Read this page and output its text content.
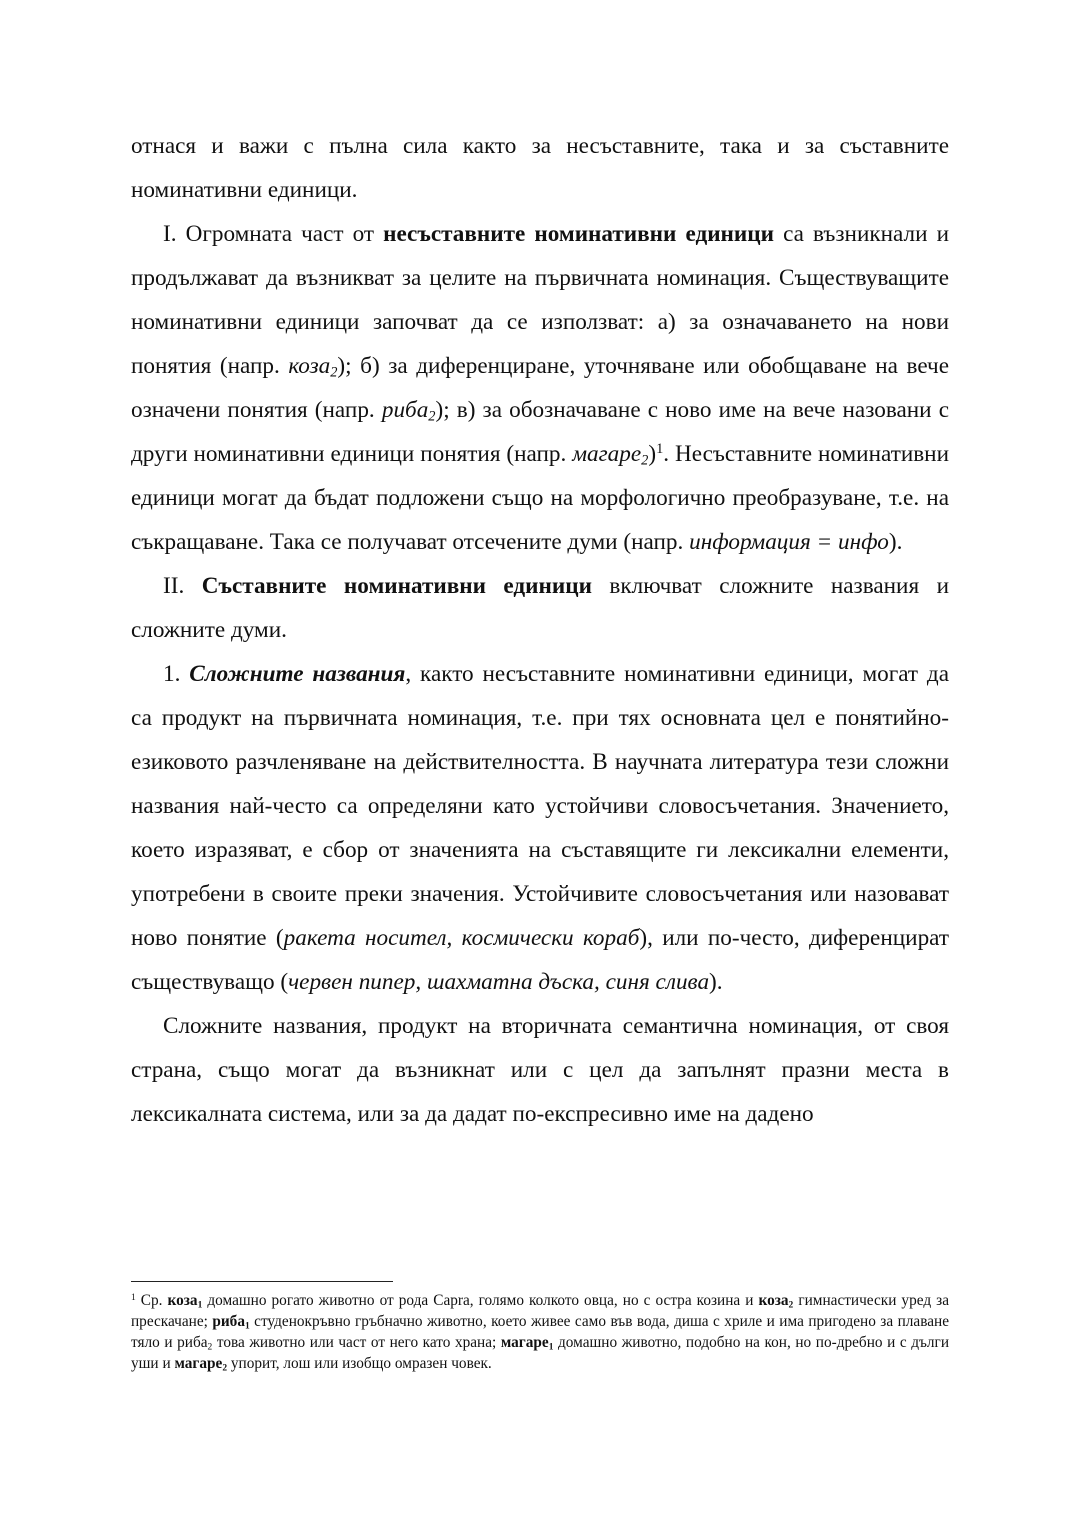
отнася и важи с пълна сила както за несъставните, така и за съставните номинативни единици.

I. Огромната част от несъставните номинативни единици са възникнали и продължават да възникват за целите на първичната номинация. Съществуващите номинативни единици започват да се използват: а) за означаването на нови понятия (напр. коза$_2$); б) за диференциране, уточняване или обобщаване на вече означени понятия (напр. риба$_2$); в) за обозначаване с ново име на вече назовани с други номинативни единици понятия (напр. магаре$_2$)$^1$. Несъставните номинативни единици могат да бъдат подложени също на морфологично преобразуване, т.е. на съкращаване. Така се получават отсечените думи (напр. информация = инфо).

II. Съставните номинативни единици включват сложните названия и сложните думи.

1. Сложните названия, както несъставните номинативни единици, могат да са продукт на първичната номинация, т.е. при тях основната цел е понятийно-езиковото разчленяване на действителността. В научната литература тези сложни названия най-често са определяни като устойчиви словосъчетания. Значението, което изразяват, е сбор от значенията на съставящите ги лексикални елементи, употребени в своите преки значения. Устойчивите словосъчетания или назовават ново понятие (ракета носител, космически кораб), или по-често, диференцират съществуващо (червен пипер, шахматна дъска, синя слива).

Сложните названия, продукт на вторичната семантична номинация, от своя страна, също могат да възникнат или с цел да запълнят празни места в лексикалната система, или за да дадат по-експресивно име на дадено

$^1$ Ср. коза$_1$ домашно рогато животно от рода Capra, голямо колкото овца, но с остра козина и коза$_2$ гимнастически уред за прескачане; риба$_1$ студенокръвно гръбначно животно, което живее само във вода, диша с хриле и има пригодено за плаване тяло и риба$_2$ това животно или част от него като храна; магаре$_1$ домашно животно, подобно на кон, но по-дребно и с дълги уши и магаре$_2$ упорит, лош или изобщо омразен човек.
